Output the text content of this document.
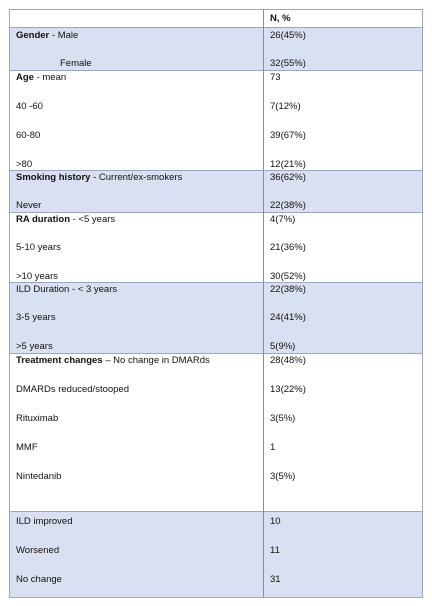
N, %
Gender - Male	26(45%)
Female	32(55%)
Age - mean	73
40 -60	7(12%)
60-80	39(67%)
>80	12(21%)
Smoking history - Current/ex-smokers	36(62%)
Never	22(38%)
RA duration - <5 years	4(7%)
5-10 years	21(36%)
>10 years	30(52%)
ILD Duration - < 3 years	22(38%)
3-5 years	24(41%)
>5 years	5(9%)
Treatment changes – No change in DMARds	28(48%)
DMARDs reduced/stooped	13(22%)
Rituximab	3(5%)
MMF	1
Nintedanib	3(5%)
ILD improved	10
Worsened	11
No change	31
